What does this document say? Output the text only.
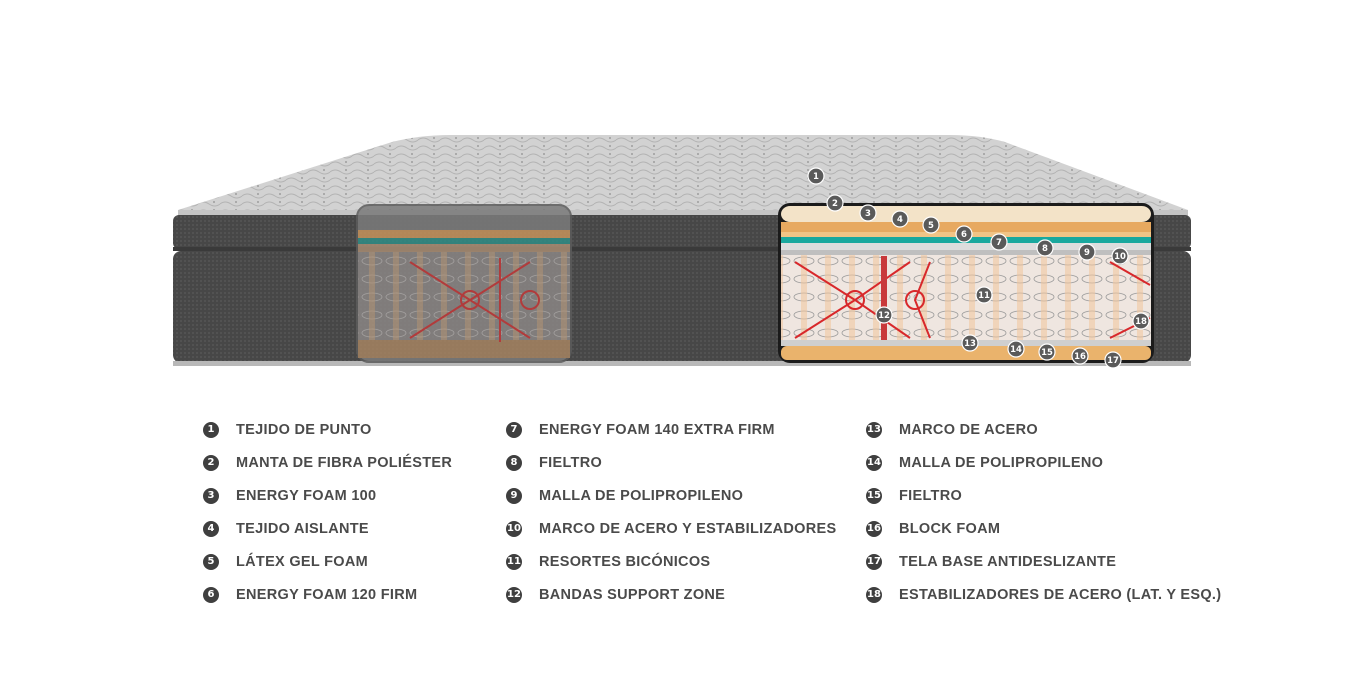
1
2
3
4
5
6
7
8	9	10
11
12
13
14 15 16 17
18
1	TEJIDO DE PUNTO
2	MANTA DE FIBRA POLIÉSTER
3	ENERGY FOAM 100
4	TEJIDO AISLANTE
5	LÁTEX GEL FOAM
6	ENERGY FOAM 120 FIRM
7	ENERGY FOAM 140 EXTRA FIRM
8	FIELTRO
9	MALLA DE POLIPROPILENO
10 MARCO DE ACERO Y ESTABILIZADORES
11 RESORTES BICÓNICOS
12 BANDAS SUPPORT ZONE
13 MARCO DE ACERO
14 MALLA DE POLIPROPILENO
15 FIELTRO
16 BLOCK FOAM
17 TELA BASE ANTIDESLIZANTE
18 ESTABILIZADORES DE ACERO (LAT. Y ESQ.)
